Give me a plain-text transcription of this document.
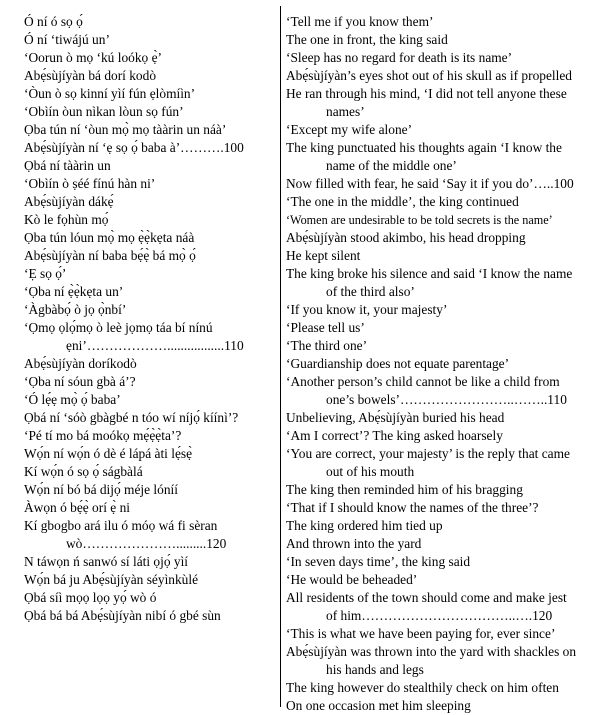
Ó ní ó sọ ọ́
Ó ní ‘tiwájú un’
‘Oorun ò mọ ‘kú loókọ ẹ̀’
Abẹ́sùjíyàn bá dorí kodò
‘Òun ò sọ kinní yìí fún ẹlòmíìn’
‘Obìín òun nìkan lòun sọ fún’
Ọba tún ní ‘òun mọ̀ mọ tààrin un náà’
Abẹ́sùjíyàn ní ‘ẹ sọ ọ́ baba à’……….100
Ọbá ní tààrin un
‘Obìín ò ṣéé fínú hàn ni’
Abẹ́sùjíyàn dákẹ́
Kò le fọhùn mọ́
Ọba tún lóun mọ̀ mọ ẹ̀ẹ̀kẹta náà
Abẹ́sùjíyàn ní baba bẹ́ẹ̀ bá mọ̀ ọ́
‘Ẹ sọ ọ́’
‘Ọba ní ẹ̀ẹ̀kẹta un’
‘Àgbàbọ́ ò jọ ọ̀nbí’
‘Ọmọ ọlọ́mọ ò leè jọmọ táa bí nínú
ẹni’……………….................110
Abẹ́sùjíyàn doríkodò
‘Ọba ní sóun gbà á’?
‘Ó lẹ́ẹ mọ̀ ọ́ baba’
Ọbá ní ‘sóò gbàgbé n tóo wí níjọ́ kíínì’?
‘Pé tí mo bá moókọ mẹ́ẹ̀ẹ̀ta’?
Wọ́n ní wọ́n ó dè é lápá àti lẹ́sẹ̀
Kí wọ́n ó sọ ọ́ ságbàlá
Wọ́n ní bó bá dijọ́ méje lóníí
Àwọn ó bẹ́ẹ̀ orí ẹ̀ ni
Kí gbogbo ará ilu ó móọ wá fi sèran
wò………………….........120
N táwọn ń sanwó sí láti ọjọ́ yìí
Wọ́n bá ju Abẹ́sùjíyàn séyìnkùlé
Ọbá síì mọọ lọọ yọ́ wò ó
Ọbá bá bá Abẹ́sùjíyàn nibí ó gbé sùn
‘Tell me if you know them’
The one in front, the king said
‘Sleep has no regard for death is its name’
Abẹ́sùjíyàn’s eyes shot out of his skull as if propelled
He ran through his mind, ‘I did not tell anyone these
names’
‘Except my wife alone’
The king punctuated his thoughts again ‘I know the
name of the middle one’
Now filled with fear, he said ‘Say it if you do’…..100
‘The one in the middle’, the king continued
‘Women are undesirable to be told secrets is the name’
Abẹ́sùjíyàn stood akimbo, his head dropping
He kept silent
The king broke his silence and said ‘I know the name
of the third also’
‘If you know it, your majesty’
‘Please tell us’
‘The third one’
‘Guardianship does not equate parentage’
‘Another person’s child cannot be like a child from
one’s bowels’……………………..……..110
Unbelieving, Abẹ́sùjíyàn buried his head
‘Am I correct’? The king asked hoarsely
‘You are correct, your majesty’ is the reply that came
out of his mouth
The king then reminded him of his bragging
‘That if I should know the names of the three’?
The king ordered him tied up
And thrown into the yard
‘In seven days time’, the king said
‘He would be beheaded’
All residents of the town should come and make jest
of him……………………………..….120
‘This is what we have been paying for, ever since’
Abẹ́sùjíyàn was thrown into the yard with shackles on
his hands and legs
The king however do stealthily check on him often
On one occasion met him sleeping
